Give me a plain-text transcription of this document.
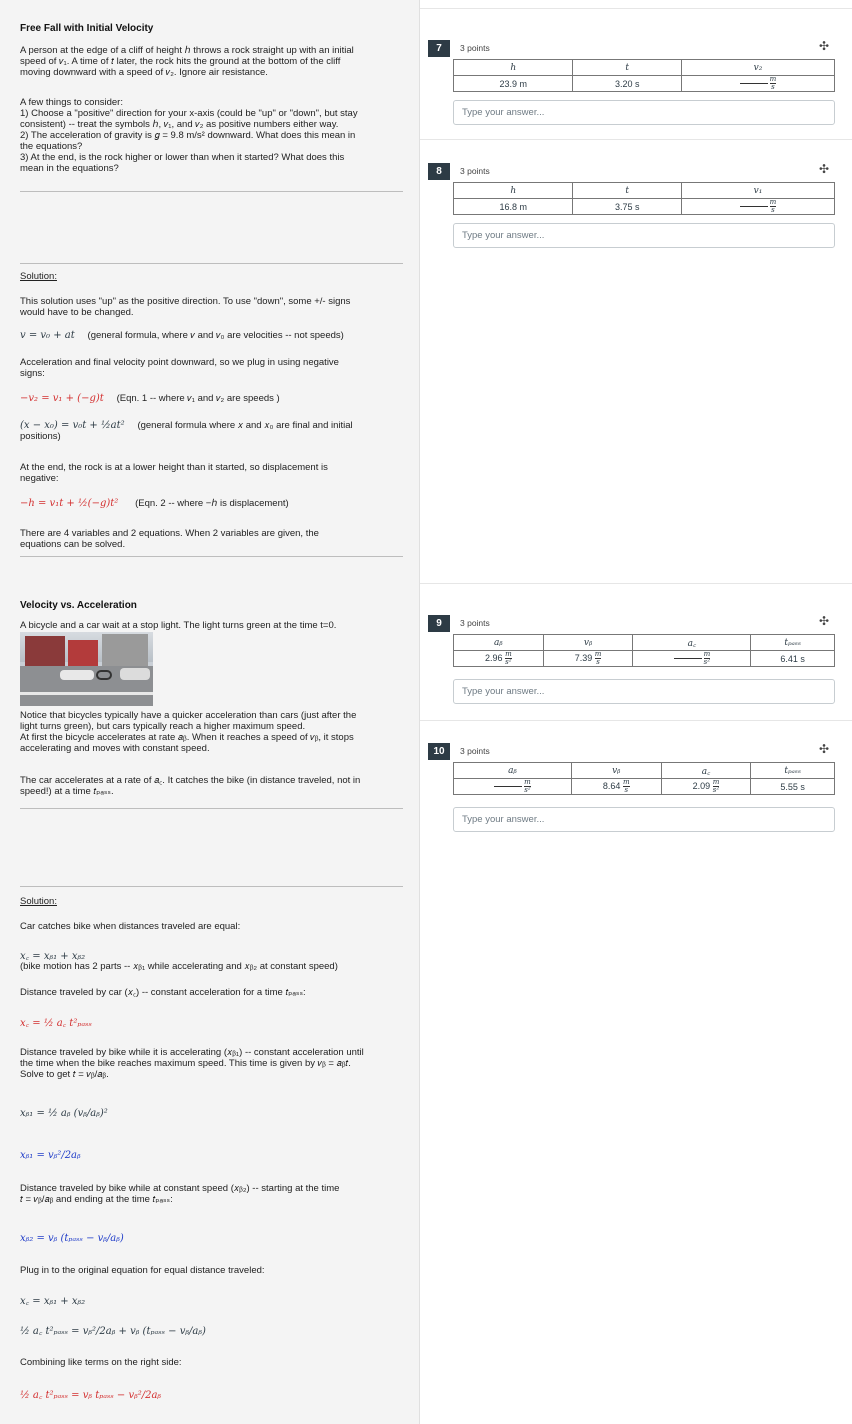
Free Fall with Initial Velocity
A person at the edge of a cliff of height ℎ throws a rock straight up with an initial
speed of 𝑣₁. A time of 𝑡 later, the rock hits the ground at the bottom of the cliff
moving downward with a speed of 𝑣₂. Ignore air resistance.
A few things to consider:
1) Choose a "positive" direction for your x-axis (could be "up" or "down", but stay
consistent) -- treat the symbols ℎ, 𝑣₁, and 𝑣₂ as positive numbers either way.
2) The acceleration of gravity is 𝑔 = 9.8 m/s² downward. What does this mean in
the equations?
3) At the end, is the rock higher or lower than when it started? What does this
mean in the equations?
Solution:
This solution uses "up" as the positive direction. To use "down", some +/- signs
would have to be changed.
𝑣 = 𝑣₀ + 𝑎𝑡 (general formula, where 𝑣 and 𝑣₀ are velocities -- not speeds)
Acceleration and final velocity point downward, so we plug in using negative
signs:
−𝑣₂ = 𝑣₁ + (−𝑔)𝑡 (Eqn. 1 -- where 𝑣₁ and 𝑣₂ are speeds )
(𝑥 − 𝑥₀) = 𝑣₀𝑡 + ½𝑎𝑡² (general formula where 𝑥 and 𝑥₀ are final and initial
positions)
At the end, the rock is at a lower height than it started, so displacement is
negative:
−ℎ = 𝑣₁𝑡 + ½(−𝑔)𝑡² (Eqn. 2 -- where −ℎ is displacement)
There are 4 variables and 2 equations. When 2 variables are given, the
equations can be solved.
Velocity vs. Acceleration
A bicycle and a car wait at a stop light. The light turns green at the time t=0.
Notice that bicycles typically have a quicker acceleration than cars (just after the
light turns green), but cars typically reach a higher maximum speed.
At first the bicycle accelerates at rate 𝑎ᵦ. When it reaches a speed of 𝑣ᵦ, it stops
accelerating and moves with constant speed.
The car accelerates at a rate of 𝑎꜀. It catches the bike (in distance traveled, not in
speed!) at a time 𝑡ₚₐₛₛ.
Solution:
Car catches bike when distances traveled are equal:
𝑥꜀ = 𝑥ᵦ₁ + 𝑥ᵦ₂
(bike motion has 2 parts -- 𝑥ᵦ₁ while accelerating and 𝑥ᵦ₂ at constant speed)
Distance traveled by car (𝑥꜀) -- constant acceleration for a time 𝑡ₚₐₛₛ:
𝑥꜀ = ½ 𝑎꜀ 𝑡²ₚₐₛₛ
Distance traveled by bike while it is accelerating (𝑥ᵦ₁) -- constant acceleration until
the time when the bike reaches maximum speed. This time is given by 𝑣ᵦ = 𝑎ᵦ𝑡.
Solve to get 𝑡 = 𝑣ᵦ/𝑎ᵦ.
𝑥ᵦ₁ = ½ 𝑎ᵦ (𝑣ᵦ/𝑎ᵦ)²
𝑥ᵦ₁ = 𝑣ᵦ²/2𝑎ᵦ
Distance traveled by bike while at constant speed (𝑥ᵦ₂) -- starting at the time
𝑡 = 𝑣ᵦ/𝑎ᵦ and ending at the time 𝑡ₚₐₛₛ:
𝑥ᵦ₂ = 𝑣ᵦ (𝑡ₚₐₛₛ − 𝑣ᵦ/𝑎ᵦ)
Plug in to the original equation for equal distance traveled:
𝑥꜀ = 𝑥ᵦ₁ + 𝑥ᵦ₂
½ 𝑎꜀ 𝑡²ₚₐₛₛ = 𝑣ᵦ²/2𝑎ᵦ + 𝑣ᵦ (𝑡ₚₐₛₛ − 𝑣ᵦ/𝑎ᵦ)
Combining like terms on the right side:
½ 𝑎꜀ 𝑡²ₚₐₛₛ = 𝑣ᵦ 𝑡ₚₐₛₛ − 𝑣ᵦ²/2𝑎ᵦ
7	3 points	✣
ℎ	𝑡	𝑣₂
23.9 m	3.20 s	$\frac{m}{s}$
Type your answer...
8	3 points	✣
ℎ	𝑡	𝑣₁
16.8 m	3.75 s	$\frac{m}{s}$
Type your answer...
9	3 points	✣
𝑎ᵦ	𝑣ᵦ	𝑎꜀	𝑡ₚₐₛₛ
$2.96 \frac{m}{\text{s²}}$	$7.39 \frac{m}{s}$	$\frac{m}{\text{s²}}$	6.41 s
Type your answer...
10	3 points	✣
𝑎ᵦ	𝑣ᵦ	𝑎꜀	𝑡ₚₐₛₛ

$\frac{m}{\text{s²}}$	$8.64 \frac{m}{s}$	$2.09 \frac{m}{\text{s²}}$	5.55 s
Type your answer...
